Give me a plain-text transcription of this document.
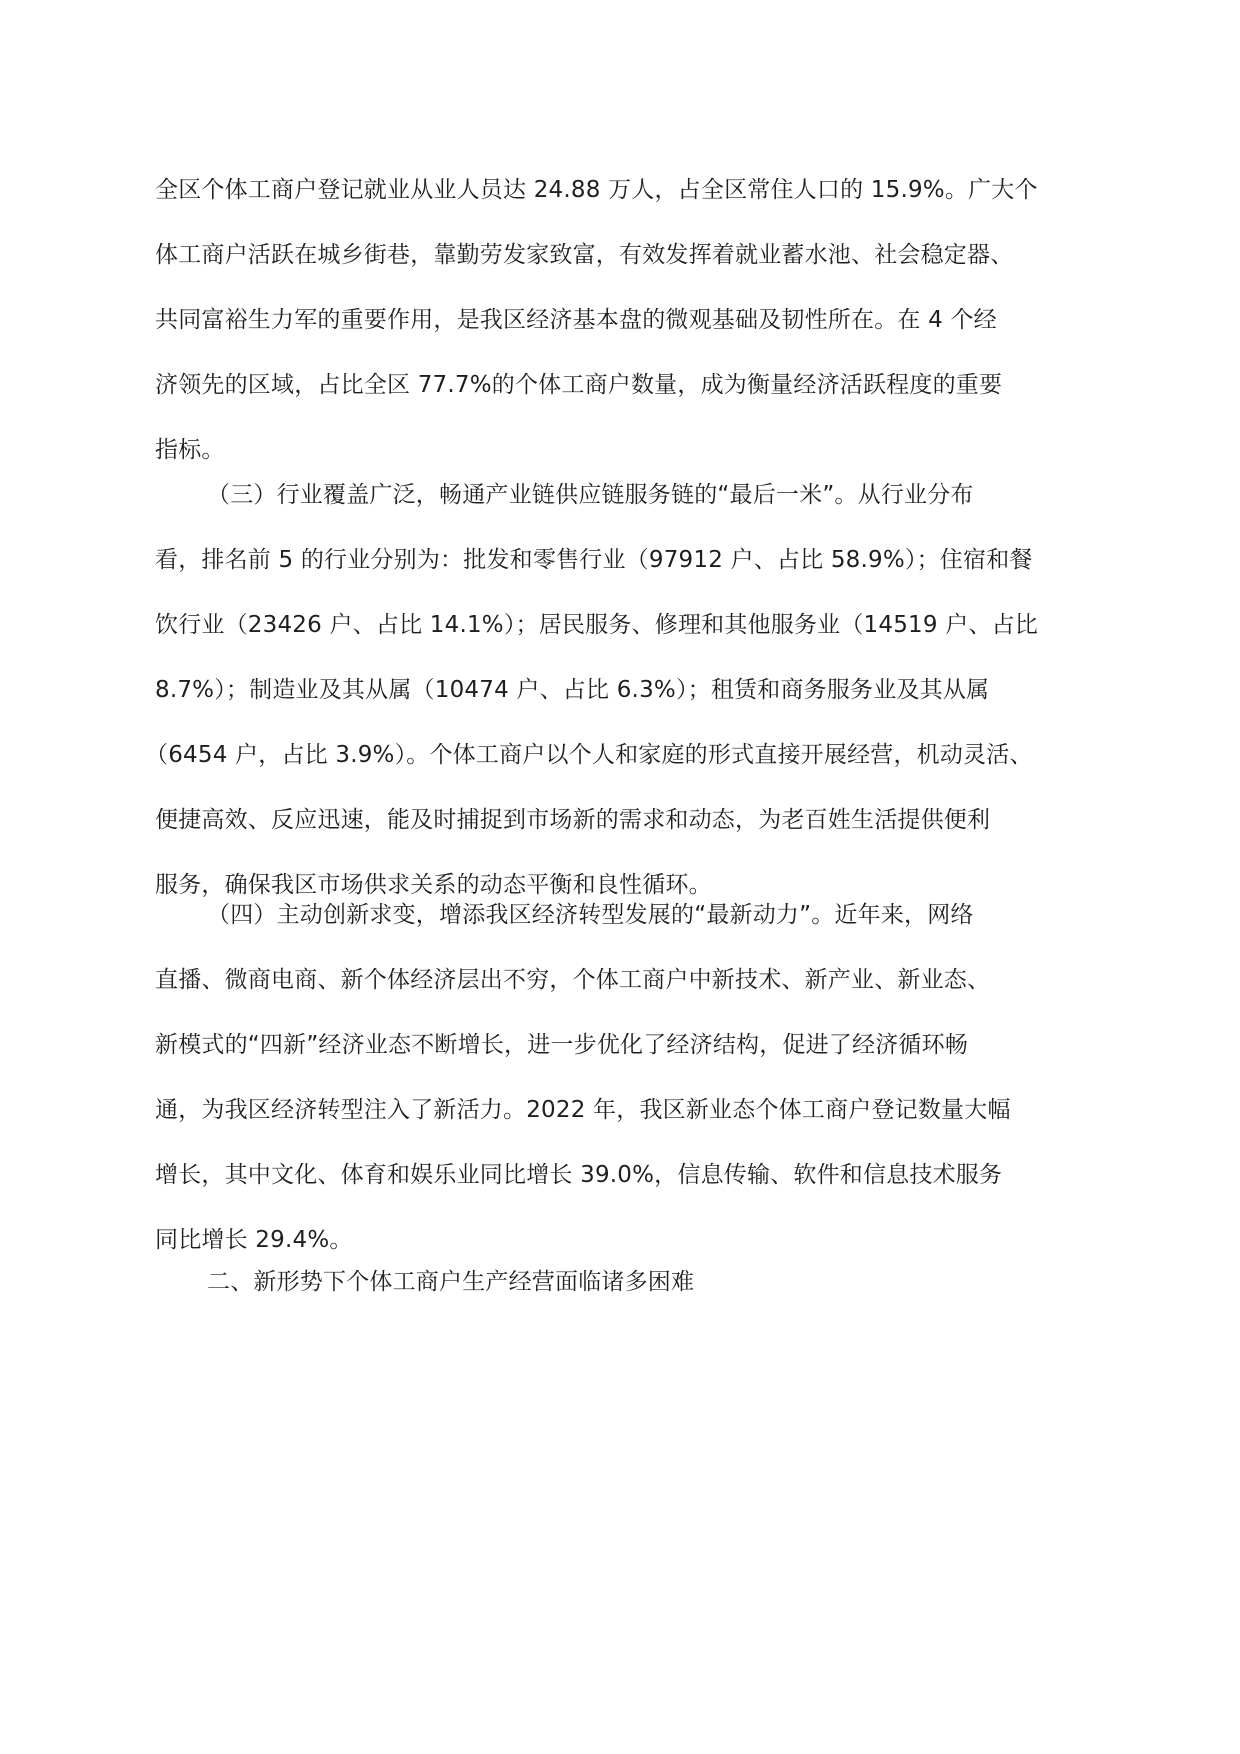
全区个体工商户登记就业从业人员达 24.88 万人，占全区常住人口的 15.9%。广大个
体工商户活跃在城乡街巷，靠勤劳发家致富，有效发挥着就业蓄水池、社会稳定器、
共同富裕生力军的重要作用，是我区经济基本盘的微观基础及韧性所在。在 4 个经
济领先的区域，占比全区 77.7%的个体工商户数量，成为衡量经济活跃程度的重要
指标。
（三）行业覆盖广泛，畅通产业链供应链服务链的“最后一米”。从行业分布
看，排名前 5 的行业分别为：批发和零售行业（97912 户、占比 58.9%）；住宿和餐
饮行业（23426 户、占比 14.1%）；居民服务、修理和其他服务业（14519 户、占比
8.7%）；制造业及其从属（10474 户、占比 6.3%）；租赁和商务服务业及其从属
（6454 户，占比 3.9%）。个体工商户以个人和家庭的形式直接开展经营，机动灵活、
便捷高效、反应迅速，能及时捕捉到市场新的需求和动态，为老百姓生活提供便利
服务，确保我区市场供求关系的动态平衡和良性循环。
（四）主动创新求变，增添我区经济转型发展的“最新动力”。近年来，网络
直播、微商电商、新个体经济层出不穷，个体工商户中新技术、新产业、新业态、
新模式的“四新”经济业态不断增长，进一步优化了经济结构，促进了经济循环畅
通，为我区经济转型注入了新活力。2022 年，我区新业态个体工商户登记数量大幅
增长，其中文化、体育和娱乐业同比增长 39.0%，信息传输、软件和信息技术服务
同比增长 29.4%。
二、新形势下个体工商户生产经营面临诸多困难
